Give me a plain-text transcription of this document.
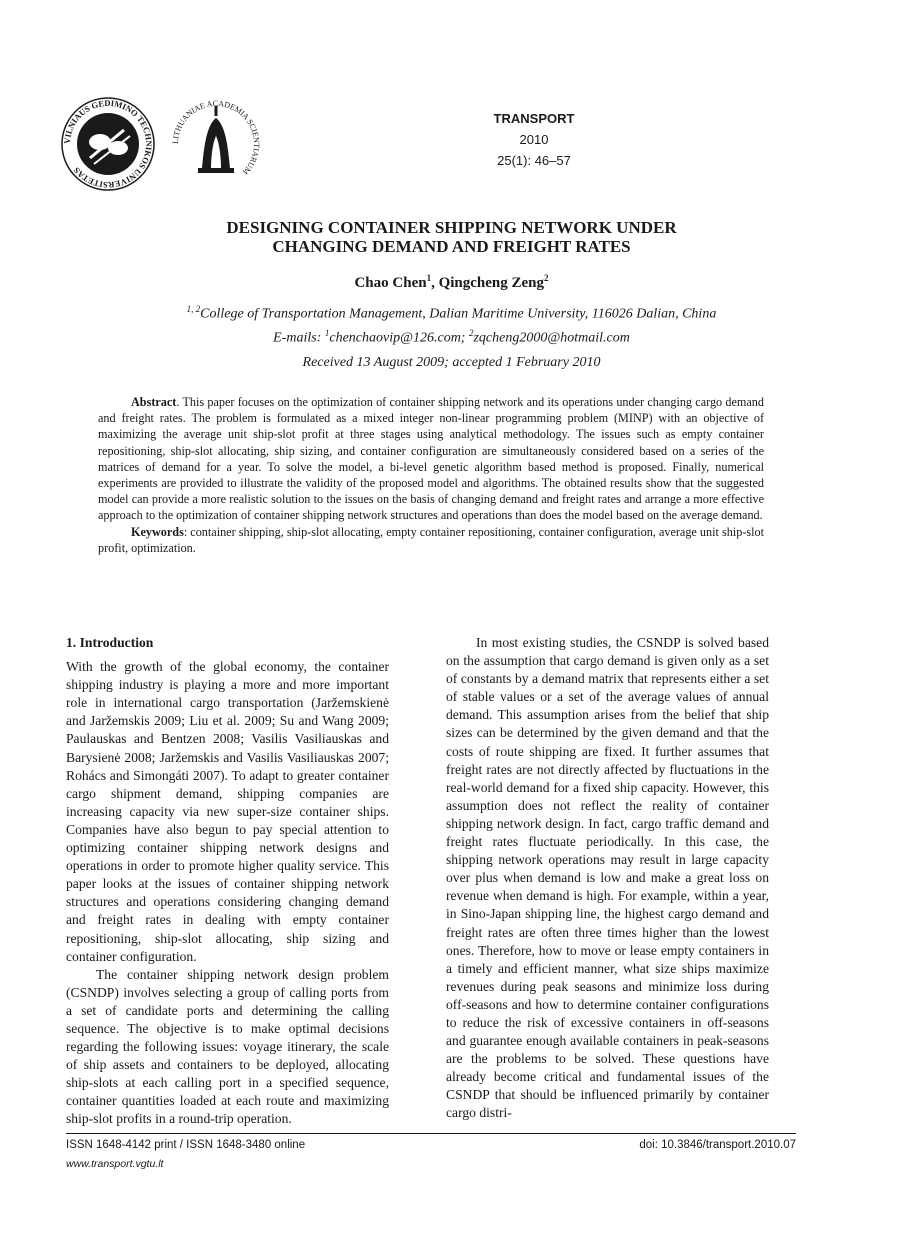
VILNIAUS GEDIMINO TECHNIKOS UNIVERSITETAS
LITHUANIAE ACADEMIA SCIENTIARUM
TRANSPORT
2010
25(1): 46–57
DESIGNING CONTAINER SHIPPING NETWORK UNDER
CHANGING DEMAND AND FREIGHT RATES
Chao Chen$^1$, Qingcheng Zeng$^2$
$^{1, 2}$College of Transportation Management, Dalian Maritime University, 116026 Dalian, China
E-mails: $^1$chenchaovip@126.com; $^2$zqcheng2000@hotmail.com
Received 13 August 2009; accepted 1 February 2010

Abstract. This paper focuses on the optimization of container shipping network and its operations under changing cargo demand and freight rates. The problem is formulated as a mixed integer non-linear programming problem (MINP) with an objective of maximizing the average unit ship-slot profit at three stages using analytical methodology. The issues such as empty container repositioning, ship-slot allocating, ship sizing, and container configuration are simultaneously considered based on a series of the matrices of demand for a year. To solve the model, a bi-level genetic algorithm based method is proposed. Finally, numerical experiments are provided to illustrate the validity of the proposed model and algorithms. The obtained results show that the suggested model can provide a more realistic solution to the issues on the basis of changing demand and freight rates and arrange a more effective approach to the optimization of container shipping network structures and operations than does the model based on the average demand.

Keywords: container shipping, ship-slot allocating, empty container repositioning, container configuration, average unit ship-slot profit, optimization.

1. Introduction

With the growth of the global economy, the container shipping industry is playing a more and more important role in international cargo transportation (Jaržemskienė and Jaržemskis 2009; Liu et al. 2009; Su and Wang 2009; Paulauskas and Bentzen 2008; Vasilis Vasiliauskas and Barysienė 2008; Jaržemskis and Vasilis Vasiliauskas 2007; Rohács and Simongáti 2007). To adapt to greater container cargo shipment demand, shipping companies are increasing capacity via new super-size container ships. Companies have also begun to pay special attention to optimizing container shipping network designs and operations in order to promote higher quality service. This paper looks at the issues of container shipping network structures and operations considering changing demand and freight rates in dealing with empty container repositioning, ship-slot allocating, ship sizing and container configuration.

The container shipping network design problem (CSNDP) involves selecting a group of calling ports from a set of candidate ports and determining the calling sequence. The objective is to make optimal decisions regarding the following issues: voyage itinerary, the scale of ship assets and containers to be deployed, allocating ship-slots at each calling port in a specified sequence, container quantities loaded at each route and maximizing ship-slot profits in a round-trip operation.

In most existing studies, the CSNDP is solved based on the assumption that cargo demand is given only as a set of constants by a demand matrix that represents either a set of stable values or a set of the average values of annual demand. This assumption arises from the belief that ship sizes can be determined by the given demand and that the costs of route shipping are fixed. It further assumes that freight rates are not directly affected by fluctuations in the real-world demand for a fixed ship capacity. However, this assumption does not reflect the reality of container shipping network design. In fact, cargo traffic demand and freight rates fluctuate periodically. In this case, the shipping network operations may result in large capacity over plus when demand is low and make a great loss on revenue when demand is high. For example, within a year, in Sino-Japan shipping line, the highest cargo demand and freight rates are often three times higher than the lowest ones. Therefore, how to move or lease empty containers in a timely and efficient manner, what size ships maximize revenues during peak seasons and minimize loss during off-seasons and how to determine container configurations to reduce the risk of excessive containers in off-seasons and guarantee enough available containers in peak-seasons are the problems to be solved. These questions have already become critical and fundamental issues of the CSNDP that should be influenced primarily by container cargo distri-

ISSN 1648-4142 print / ISSN 1648-3480 online
www.transport.vgtu.lt
doi: 10.3846/transport.2010.07
